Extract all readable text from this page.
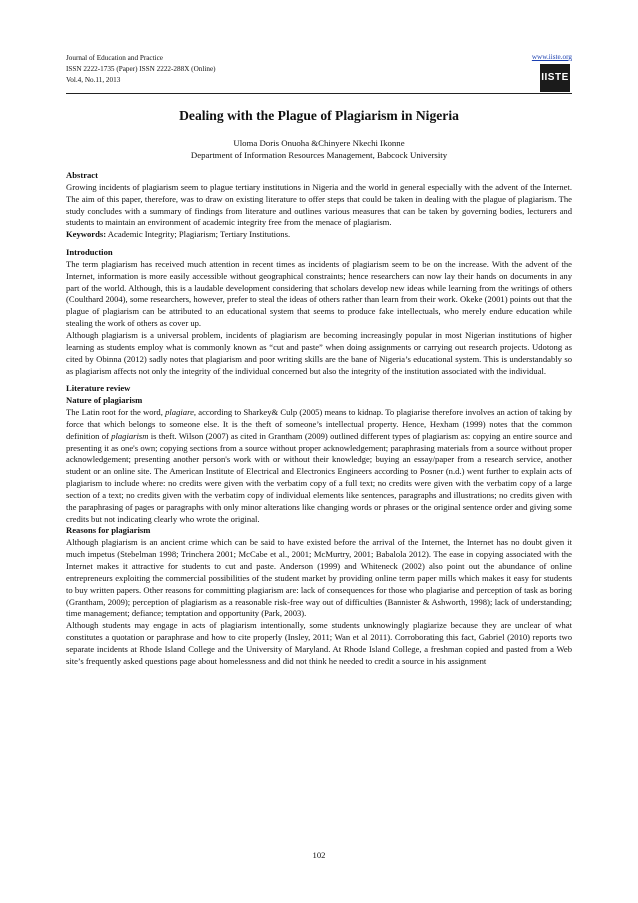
Journal of Education and Practice
ISSN 2222-1735 (Paper) ISSN 2222-288X (Online)
Vol.4, No.11, 2013
www.iiste.org
IISTE
Dealing with the Plague of Plagiarism in Nigeria
Uloma Doris Onuoha &Chinyere Nkechi Ikonne
Department of Information Resources Management, Babcock University
Abstract

Growing incidents of plagiarism seem to plague tertiary institutions in Nigeria and the world in general especially with the advent of the Internet. The aim of this paper, therefore, was to draw on existing literature to offer steps that could be taken in dealing with the plague of plagiarism. The study concludes with a summary of findings from literature and outlines various measures that can be taken by governing bodies, lecturers and students to maintain an environment of academic integrity free from the menace of plagiarism.

Keywords: Academic Integrity; Plagiarism; Tertiary Institutions.

Introduction

The term plagiarism has received much attention in recent times as incidents of plagiarism seem to be on the increase. With the advent of the Internet, information is more easily accessible without geographical constraints; hence researchers can now lay their hands on documents in any part of the world. Although, this is a laudable development considering that scholars develop new ideas while learning from the writings of others (Coulthard 2004), some researchers, however, prefer to steal the ideas of others rather than learn from their work. Okeke (2001) points out that the plague of plagiarism can be attributed to an educational system that seems to produce fake intellectuals, who merely endure education while stealing the work of others as cover up.

Although plagiarism is a universal problem, incidents of plagiarism are becoming increasingly popular in most Nigerian institutions of higher learning as students employ what is commonly known as “cut and paste” when doing assignments or carrying out research projects. Udotong as cited by Obinna (2012) sadly notes that plagiarism and poor writing skills are the bane of Nigeria’s educational system. This is understandably so as plagiarism affects not only the integrity of the individual concerned but also the integrity of the institution associated with the individual.

Literature review
Nature of plagiarism

The Latin root for the word, plagiare, according to Sharkey& Culp (2005) means to kidnap. To plagiarise therefore involves an action of taking by force that which belongs to someone else. It is the theft of someone’s intellectual property. Hence, Hexham (1999) notes that the common definition of plagiarism is theft. Wilson (2007) as cited in Grantham (2009) outlined different types of plagiarism as: copying an entire source and presenting it as one's own; copying sections from a source without proper acknowledgement; paraphrasing materials from a source without proper acknowledgement; presenting another person's work with or without their knowledge; buying an essay/paper from a research service, another student or an online site. The American Institute of Electrical and Electronics Engineers according to Posner (n.d.) went further to explain acts of plagiarism to include where: no credits were given with the verbatim copy of a full text; no credits were given with the verbatim copy of a large section of a text; no credits given with the verbatim copy of individual elements like sentences, paragraphs and illustrations; no credits given with the paraphrasing of pages or paragraphs with only minor alterations like changing words or phrases or the original sentence order and giving some credits but not indicating clearly who wrote the original.

Reasons for plagiarism

Although plagiarism is an ancient crime which can be said to have existed before the arrival of the Internet, the Internet has no doubt given it much impetus (Stebelman 1998; Trinchera 2001; McCabe et al., 2001; McMurtry, 2001; Babalola 2012). The ease in copying associated with the Internet makes it attractive for students to cut and paste. Anderson (1999) and Whiteneck (2002) also point out the abundance of online entrepreneurs exploiting the commercial possibilities of the student market by providing online term paper mills which makes it easy for students to buy written papers. Other reasons for committing plagiarism are: lack of consequences for those who plagiarise and perception of task as boring (Grantham, 2009); perception of plagiarism as a reasonable risk-free way out of difficulties (Bannister & Ashworth, 1998); lack of understanding; time management; defiance; temptation and opportunity (Park, 2003).

Although students may engage in acts of plagiarism intentionally, some students unknowingly plagiarize because they are unclear of what constitutes a quotation or paraphrase and how to cite properly (Insley, 2011; Wan et al 2011). Corroborating this fact, Gabriel (2010) reports two separate incidents at Rhode Island College and the University of Maryland. At Rhode Island College, a freshman copied and pasted from a Web site’s frequently asked questions page about homelessness and did not think he needed to credit a source in his assignment

102
